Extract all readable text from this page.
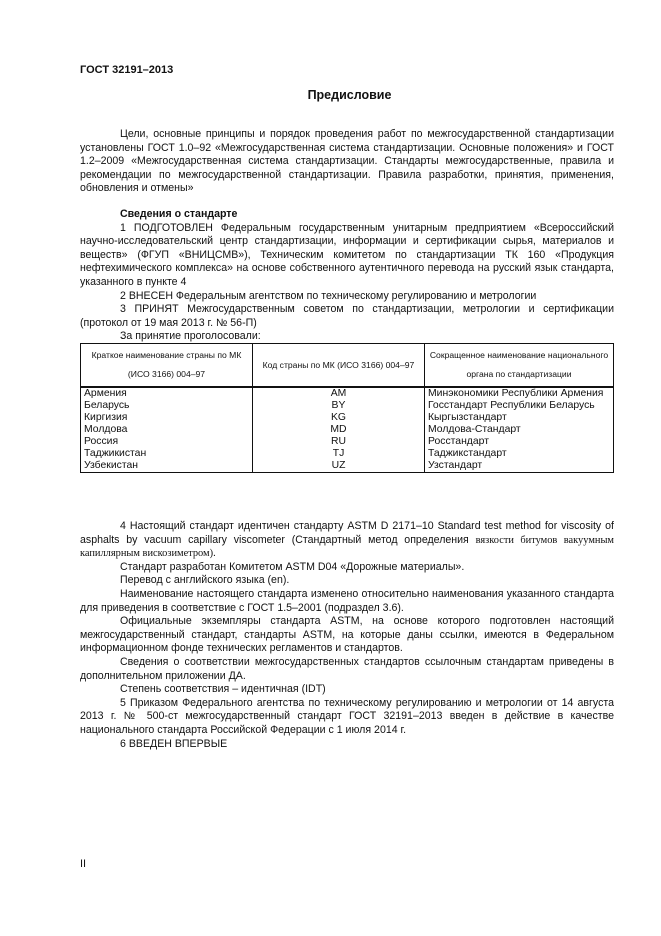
ГОСТ 32191–2013
Предисловие

Цели, основные принципы и порядок проведения работ по межгосударственной стандартизации установлены ГОСТ 1.0–92 «Межгосударственная система стандартизации. Основные положения» и ГОСТ 1.2–2009 «Межгосударственная система стандартизации. Стандарты межгосударственные, правила и рекомендации по межгосударственной стандартизации. Правила разработки, принятия, применения, обновления и отмены»

Сведения о стандарте

1 ПОДГОТОВЛЕН Федеральным государственным унитарным предприятием «Всероссийский научно-исследовательский центр стандартизации, информации и сертификации сырья, материалов и веществ» (ФГУП «ВНИЦСМВ»), Техническим комитетом по стандартизации ТК 160 «Продукция нефтехимического комплекса» на основе собственного аутентичного перевода на русский язык стандарта, указанного в пункте 4

2 ВНЕСЕН Федеральным агентством по техническому регулированию и метрологии

3 ПРИНЯТ Межгосударственным советом по стандартизации, метрологии и сертификации (протокол от 19 мая 2013 г. № 56-П)

За принятие проголосовали:

Краткое наименование страны по МК (ИСО 3166) 004–97	Код страны по МК (ИСО 3166) 004–97	Сокращенное наименование национального органа по стандартизации
Армения	AM	Минэкономики Республики Армения
Беларусь	BY	Госстандарт Республики Беларусь
Киргизия	KG	Кыргызстандарт
Молдова	MD	Молдова-Стандарт
Россия	RU	Росстандарт
Таджикистан	TJ	Таджикстандарт
Узбекистан	UZ	Узстандарт

4 Настоящий стандарт идентичен стандарту ASTM D 2171–10 Standard test method for viscosity of asphalts by vacuum capillary viscometer (Стандартный метод определения вязкости битумов вакуумным капиллярным вискозиметром).

Стандарт разработан Комитетом ASTM D04 «Дорожные материалы».

Перевод с английского языка (en).

Наименование настоящего стандарта изменено относительно наименования указанного стандарта для приведения в соответствие с ГОСТ 1.5–2001 (подраздел 3.6).

Официальные экземпляры стандарта ASTM, на основе которого подготовлен настоящий межгосударственный стандарт, стандарты ASTM, на которые даны ссылки, имеются в Федеральном информационном фонде технических регламентов и стандартов.

Сведения о соответствии межгосударственных стандартов ссылочным стандартам приведены в дополнительном приложении ДА.

Степень соответствия – идентичная (IDT)

5 Приказом Федерального агентства по техническому регулированию и метрологии от 14 августа 2013 г. № 500-ст межгосударственный стандарт ГОСТ 32191–2013 введен в действие в качестве национального стандарта Российской Федерации с 1 июля 2014 г.

6 ВВЕДЕН ВПЕРВЫЕ

II
